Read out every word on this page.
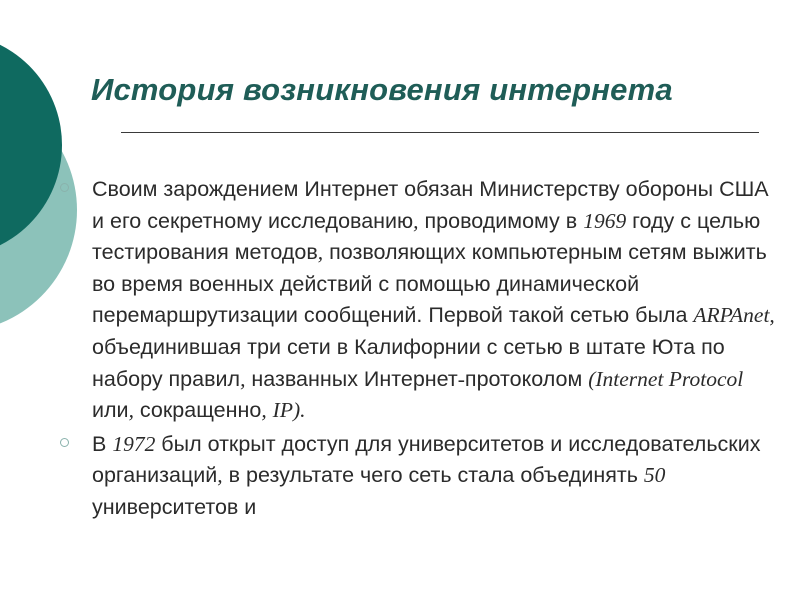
История возникновения интернета

Своим зарождением Интернет обязан Министерству обороны США и его секретному исследованию, проводимому в 1969 году с целью тестирования методов, позволяющих компьютерным сетям выжить во время военных действий с помощью динамической перемаршрутизации сообщений. Первой такой сетью была ARPAnet, объединившая три сети в Калифорнии с сетью в штате Юта по набору правил, названных Интернет-протоколом (Internet Protocol или, сокращенно, IP).

В 1972 был открыт доступ для университетов и исследовательских организаций, в результате чего сеть стала объединять 50 университетов и
